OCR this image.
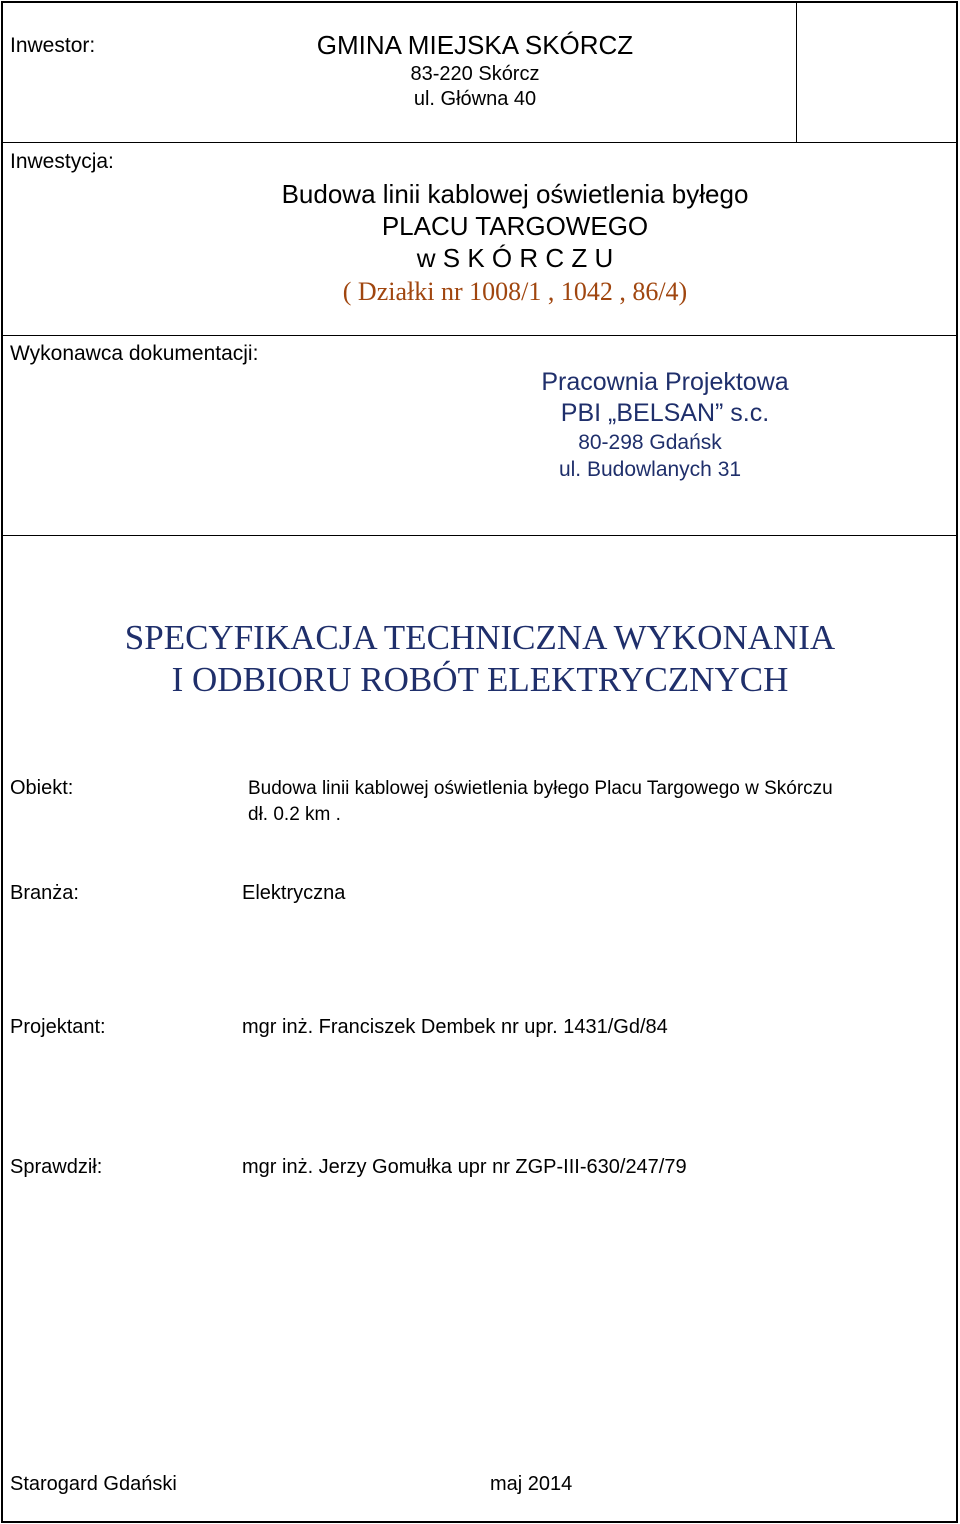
Inwestor:	GMINA MIEJSKA SKÓRCZ
83-220 Skórcz
ul. Główna 40
Inwestycja:
Budowa linii kablowej oświetlenia byłego
PLACU TARGOWEGO
w S K Ó R C Z U
( Działki nr 1008/1 , 1042 , 86/4)
Wykonawca dokumentacji:
Pracownia Projektowa
PBI „BELSAN” s.c.
80-298 Gdańsk
ul. Budowlanych 31
SPECYFIKACJA TECHNICZNA WYKONANIA
I ODBIORU ROBÓT ELEKTRYCZNYCH
Obiekt:	Budowa linii kablowej oświetlenia byłego Placu Targowego w Skórczu
dł. 0.2 km .
Branża:	Elektryczna
Projektant:	mgr inż. Franciszek Dembek nr upr. 1431/Gd/84
Sprawdził:	mgr inż. Jerzy Gomułka upr nr ZGP-III-630/247/79
Starogard Gdański	maj 2014
